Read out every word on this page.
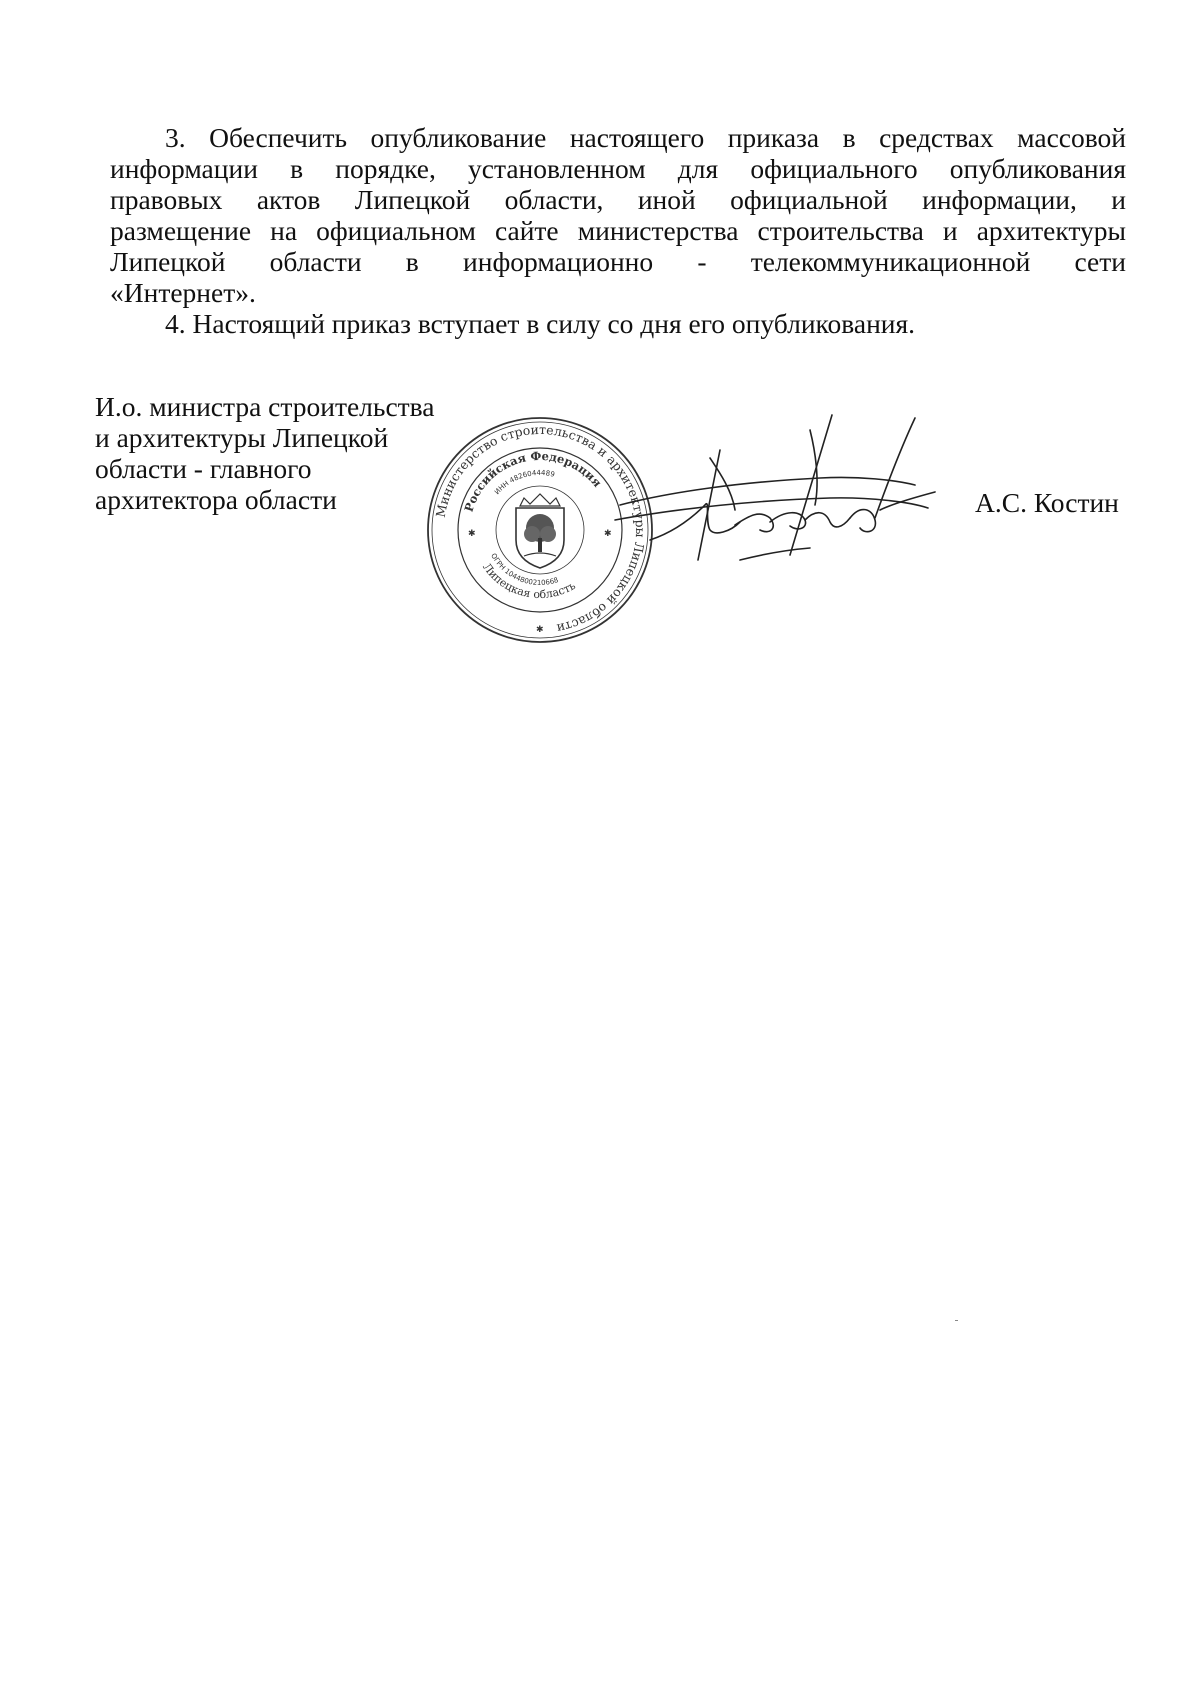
3. Обеспечить опубликование настоящего приказа в средствах массовой
информации в порядке, установленном для официального опубликования
правовых актов Липецкой области, иной официальной информации, и
размещение на официальном сайте министерства строительства и архитектуры
Липецкой области в информационно - телекоммуникационной сети
«Интернет».

4. Настоящий приказ вступает в силу со дня его опубликования.

И.о. министра строительства
и архитектуры Липецкой
области - главного
архитектора области	Министерство строительства и архитектуры Липецкой области
Российская Федерация
ИНН 4826044489
Липецкая область
ОГРН 1044800210668
✱	✱
✱
А.С. Костин
